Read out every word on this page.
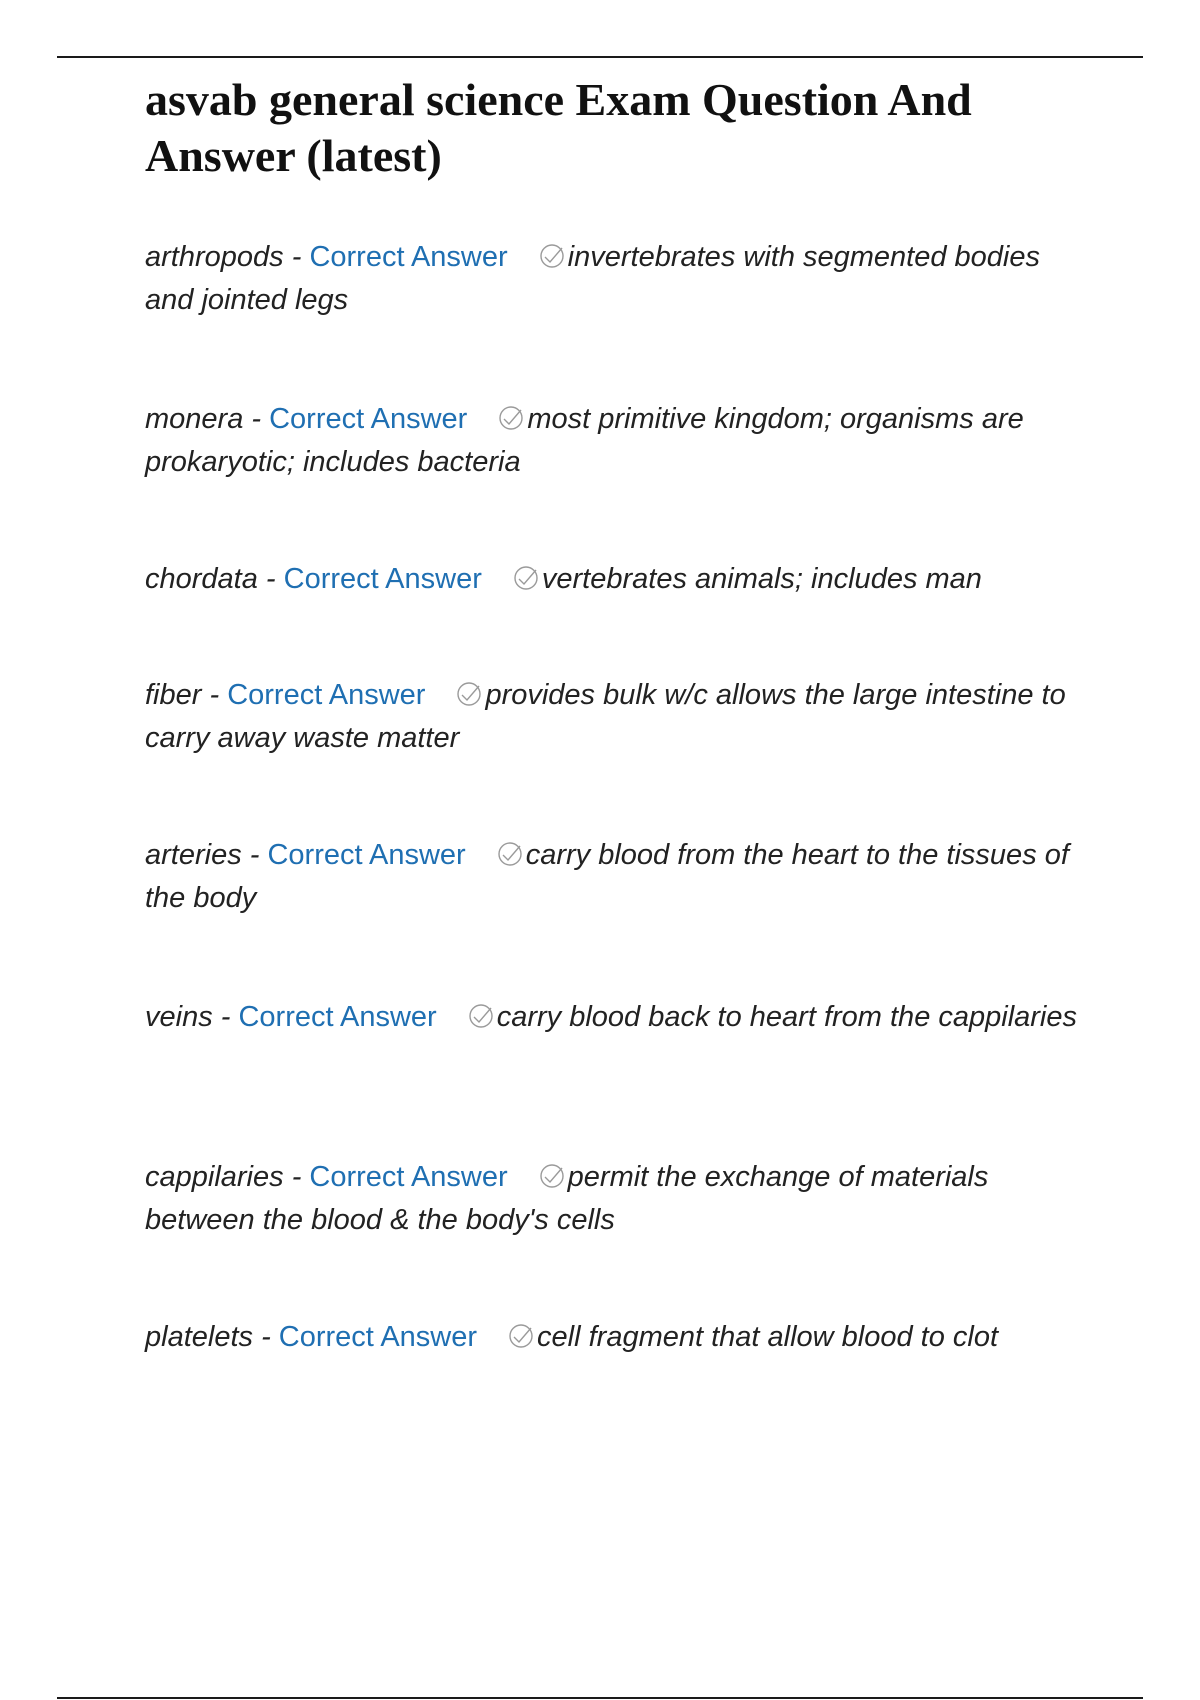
asvab general science Exam Question And Answer (latest)
arthropods - Correct Answer invertebrates with segmented bodies and jointed legs
monera - Correct Answer most primitive kingdom; organisms are prokaryotic; includes bacteria
chordata - Correct Answer vertebrates animals; includes man
fiber - Correct Answer provides bulk w/c allows the large intestine to carry away waste matter
arteries - Correct Answer carry blood from the heart to the tissues of the body
veins - Correct Answer carry blood back to heart from the cappilaries
cappilaries - Correct Answer permit the exchange of materials between the blood & the body's cells
platelets - Correct Answer cell fragment that allow blood to clot
